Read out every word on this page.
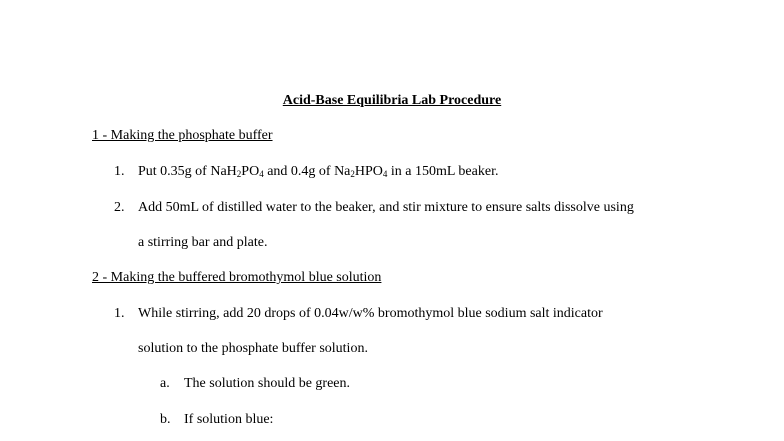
Acid-Base Equilibria Lab Procedure
1 - Making the phosphate buffer
1. Put 0.35g of $NaH_2PO_4$ and 0.4g of $Na_2HPO_4$ in a 150mL beaker.
2. Add 50mL of distilled water to the beaker, and stir mixture to ensure salts dissolve using
a stirring bar and plate.
2 - Making the buffered bromothymol blue solution
1. While stirring, add 20 drops of 0.04w/w% bromothymol blue sodium salt indicator
solution to the phosphate buffer solution.
a. The solution should be green.
b. If solution blue:
